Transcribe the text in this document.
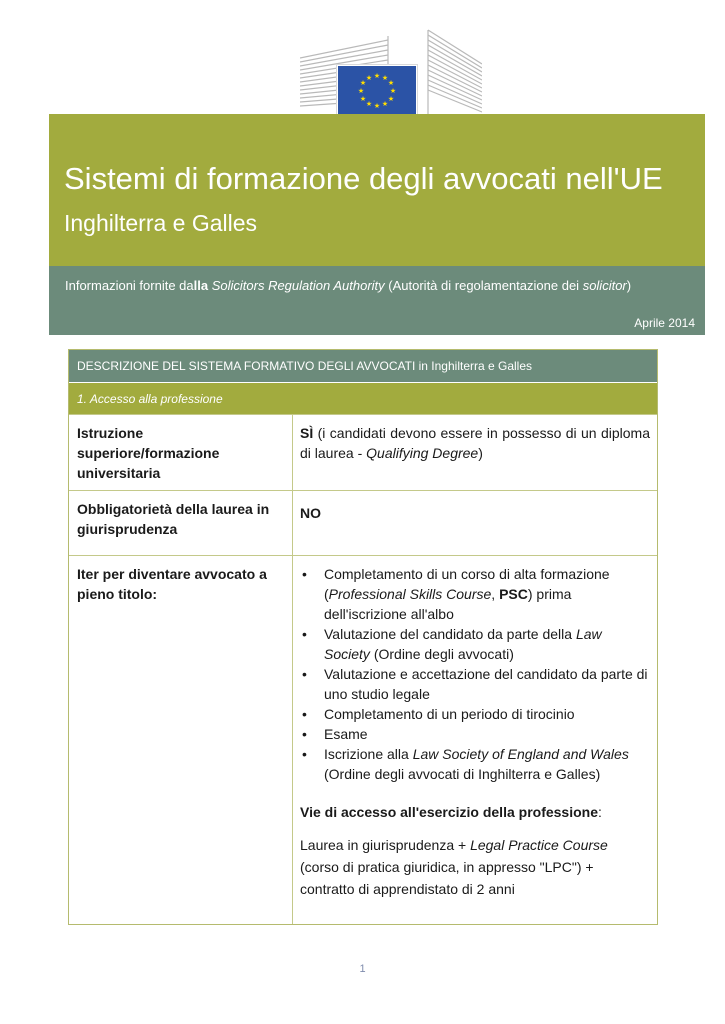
★ ★
★
★
★
★
★
★
★
★
★
★
Sistemi di formazione degli avvocati nell'UE
Inghilterra e Galles
Informazioni fornite dalla Solicitors Regulation Authority (Autorità di regolamentazione dei solicitor)
Aprile 2014
DESCRIZIONE DEL SISTEMA FORMATIVO DEGLI AVVOCATI
in Inghilterra e Galles
1. Accesso alla professione
Istruzione superiore/formazione universitaria
SÌ (i candidati devono essere in possesso di un diploma di laurea - Qualifying Degree)
Obbligatorietà della laurea in giurisprudenza
NO
Iter per diventare avvocato a pieno titolo:
• Completamento di un corso di alta formazione (Professional Skills Course, PSC) prima dell'iscrizione all'albo
• Valutazione del candidato da parte della Law Society (Ordine degli avvocati)
• Valutazione e accettazione del candidato da parte di uno studio legale
• Completamento di un periodo di tirocinio
• Esame
• Iscrizione alla Law Society of England and Wales (Ordine degli avvocati di Inghilterra e Galles)
Vie di accesso all'esercizio della professione:
Laurea in giurisprudenza + Legal Practice Course (corso di pratica giuridica, in appresso "LPC") + contratto di apprendistato di 2 anni
1
